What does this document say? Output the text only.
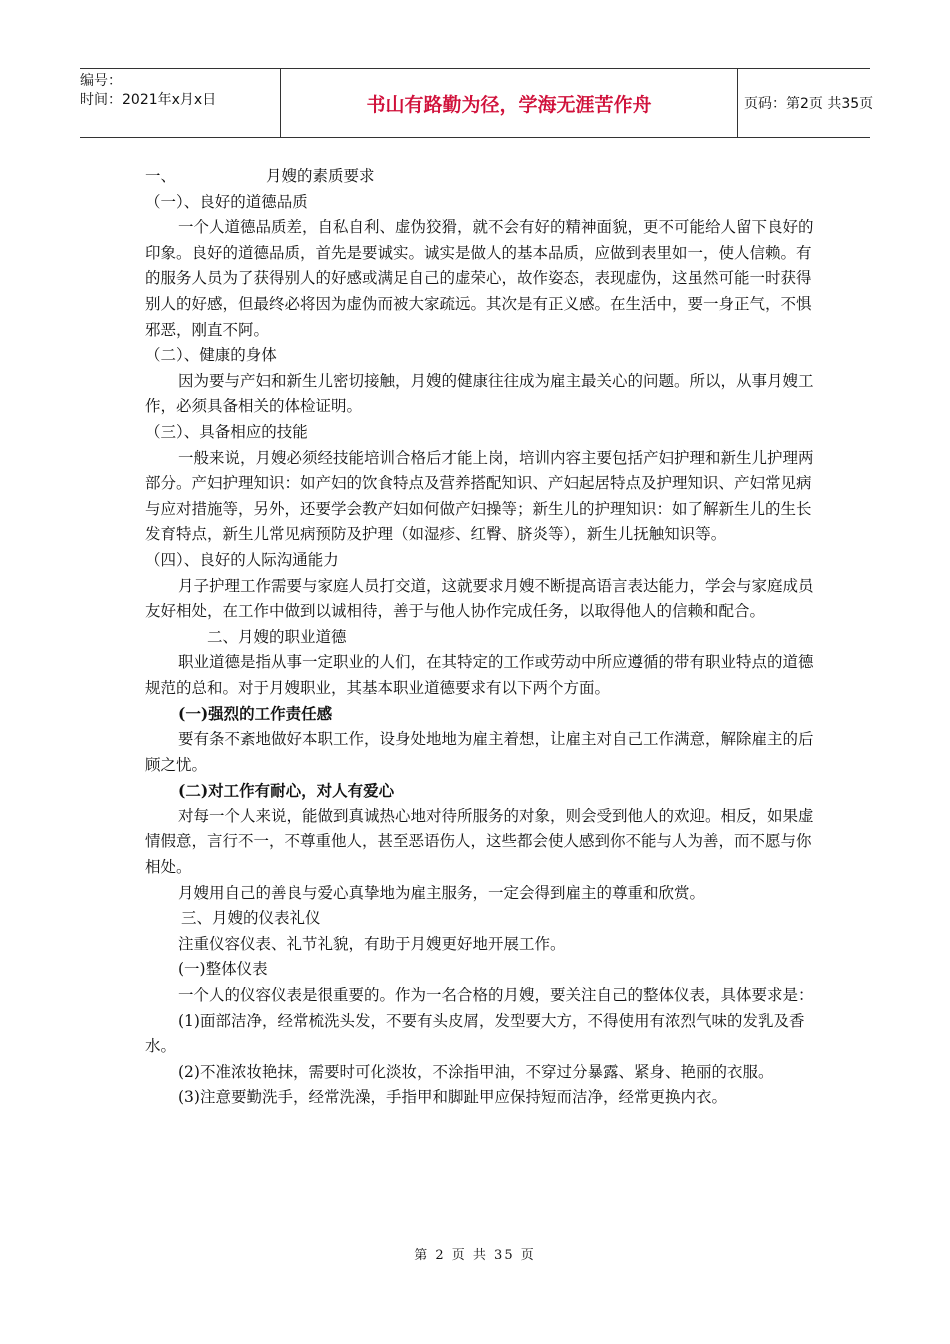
编号：
时间：2021年x月x日	书山有路勤为径，学海无涯苦作舟	页码：第2页 共35页

一、	月嫂的素质要求

（一）、良好的道德品质

一个人道德品质差，自私自利、虚伪狡猾，就不会有好的精神面貌，更不可能给人留下良好的印象。良好的道德品质，首先是要诚实。诚实是做人的基本品质，应做到表里如一，使人信赖。有的服务人员为了获得别人的好感或满足自己的虚荣心，故作姿态，表现虚伪，这虽然可能一时获得别人的好感，但最终必将因为虚伪而被大家疏远。其次是有正义感。在生活中，要一身正气，不惧邪恶，刚直不阿。

（二）、健康的身体

因为要与产妇和新生儿密切接触，月嫂的健康往往成为雇主最关心的问题。所以，从事月嫂工作，必须具备相关的体检证明。

（三）、具备相应的技能

一般来说，月嫂必须经技能培训合格后才能上岗，培训内容主要包括产妇护理和新生儿护理两部分。产妇护理知识：如产妇的饮食特点及营养搭配知识、产妇起居特点及护理知识、产妇常见病与应对措施等，另外，还要学会教产妇如何做产妇操等；新生儿的护理知识：如了解新生儿的生长发育特点，新生儿常见病预防及护理（如湿疹、红臀、脐炎等），新生儿抚触知识等。

（四）、良好的人际沟通能力

月子护理工作需要与家庭人员打交道，这就要求月嫂不断提高语言表达能力，学会与家庭成员友好相处，在工作中做到以诚相待，善于与他人协作完成任务，以取得他人的信赖和配合。

二、月嫂的职业道德

职业道德是指从事一定职业的人们，在其特定的工作或劳动中所应遵循的带有职业特点的道德规范的总和。对于月嫂职业，其基本职业道德要求有以下两个方面。

(一)强烈的工作责任感

要有条不紊地做好本职工作，设身处地地为雇主着想，让雇主对自己工作满意，解除雇主的后顾之忧。

(二)对工作有耐心，对人有爱心

对每一个人来说，能做到真诚热心地对待所服务的对象，则会受到他人的欢迎。相反，如果虚情假意，言行不一，不尊重他人，甚至恶语伤人，这些都会使人感到你不能与人为善，而不愿与你相处。

月嫂用自己的善良与爱心真挚地为雇主服务，一定会得到雇主的尊重和欣赏。

三、月嫂的仪表礼仪

注重仪容仪表、礼节礼貌，有助于月嫂更好地开展工作。

(一)整体仪表

一个人的仪容仪表是很重要的。作为一名合格的月嫂，要关注自己的整体仪表，具体要求是：

(1)面部洁净，经常梳洗头发，不要有头皮屑，发型要大方，不得使用有浓烈气味的发乳及香水。

(2)不准浓妆艳抹，需要时可化淡妆，不涂指甲油，不穿过分暴露、紧身、艳丽的衣服。

(3)注意要勤洗手，经常洗澡，手指甲和脚趾甲应保持短而洁净，经常更换内衣。

第 2 页 共 35 页
